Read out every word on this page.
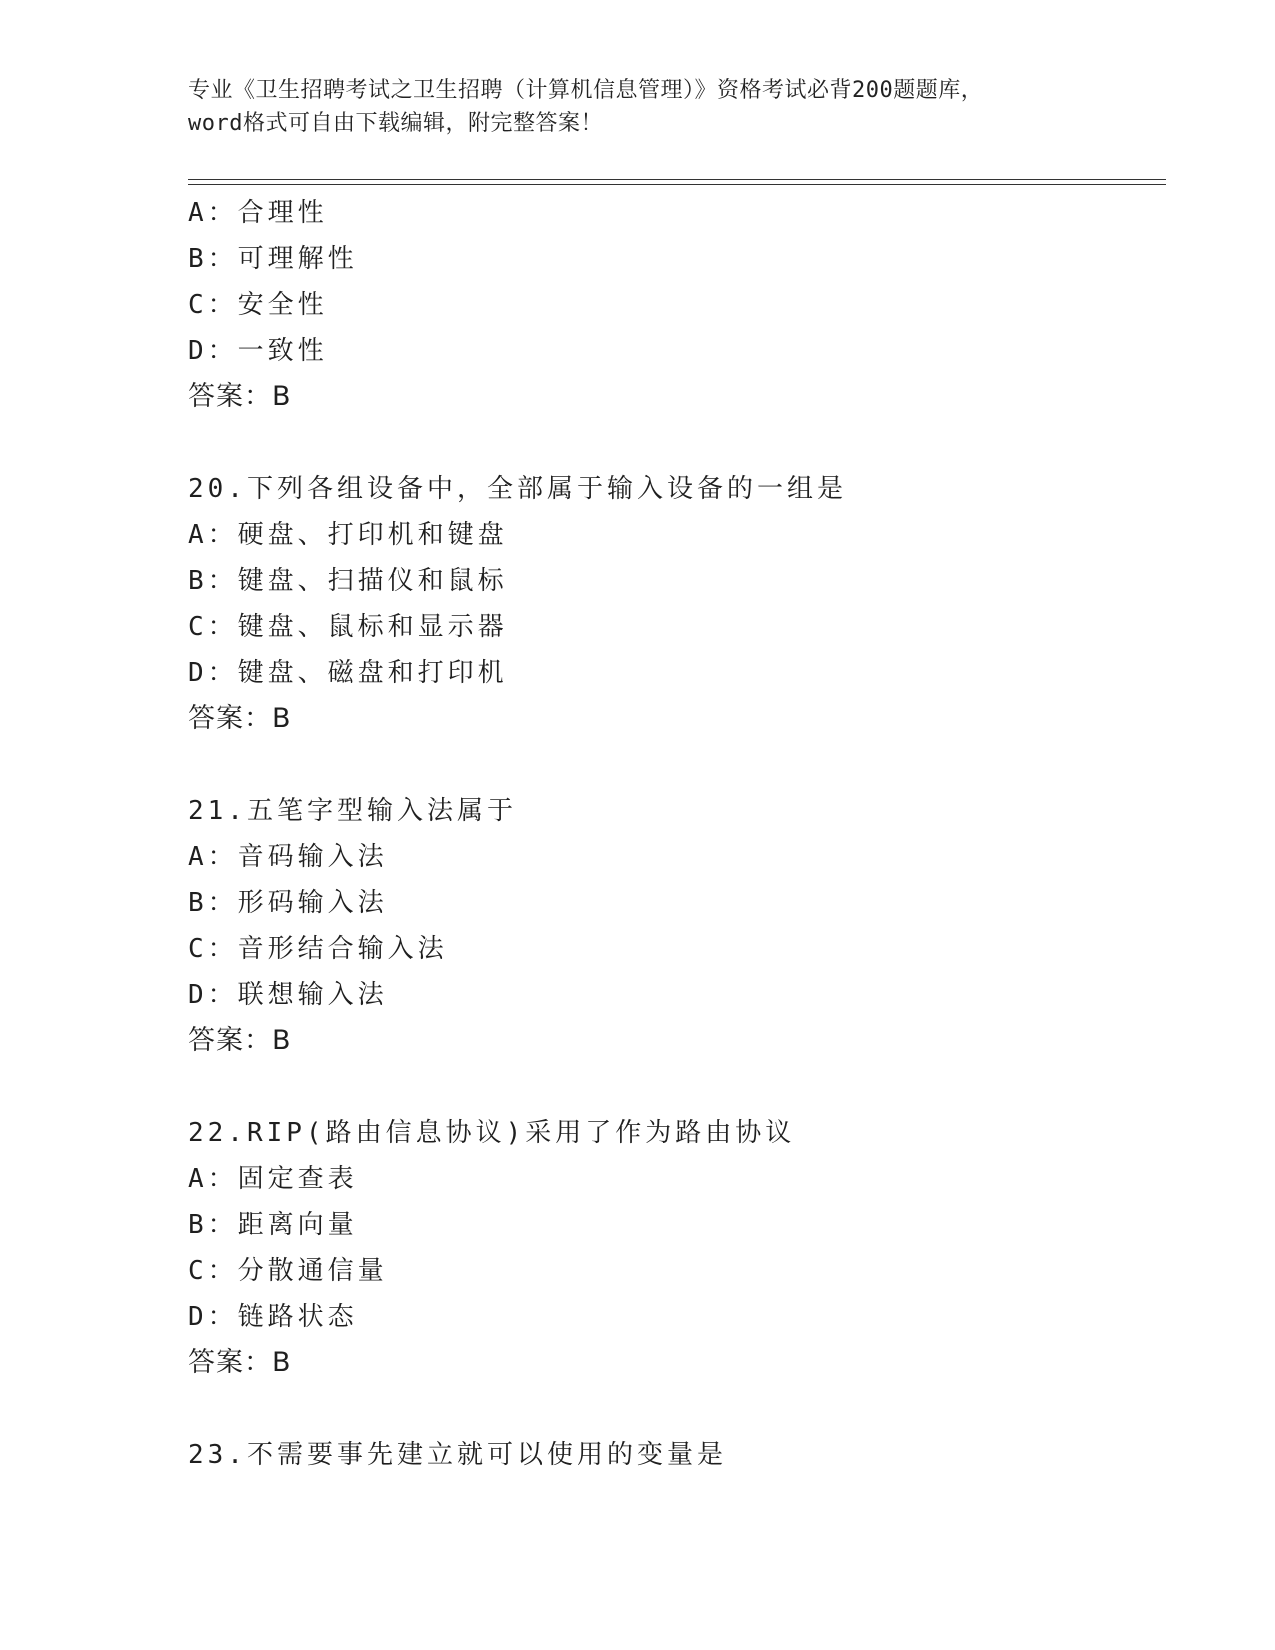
专业《卫生招聘考试之卫生招聘（计算机信息管理）》资格考试必背200题题库，
word格式可自由下载编辑，附完整答案！
A：合理性
B：可理解性
C：安全性
D：一致性
答案：B
20.下列各组设备中，全部属于输入设备的一组是
A：硬盘、打印机和键盘
B：键盘、扫描仪和鼠标
C：键盘、鼠标和显示器
D：键盘、磁盘和打印机
答案：B
21.五笔字型输入法属于
A：音码输入法
B：形码输入法
C：音形结合输入法
D：联想输入法
答案：B
22.RIP(路由信息协议)采用了作为路由协议
A：固定查表
B：距离向量
C：分散通信量
D：链路状态
答案：B
23.不需要事先建立就可以使用的变量是
